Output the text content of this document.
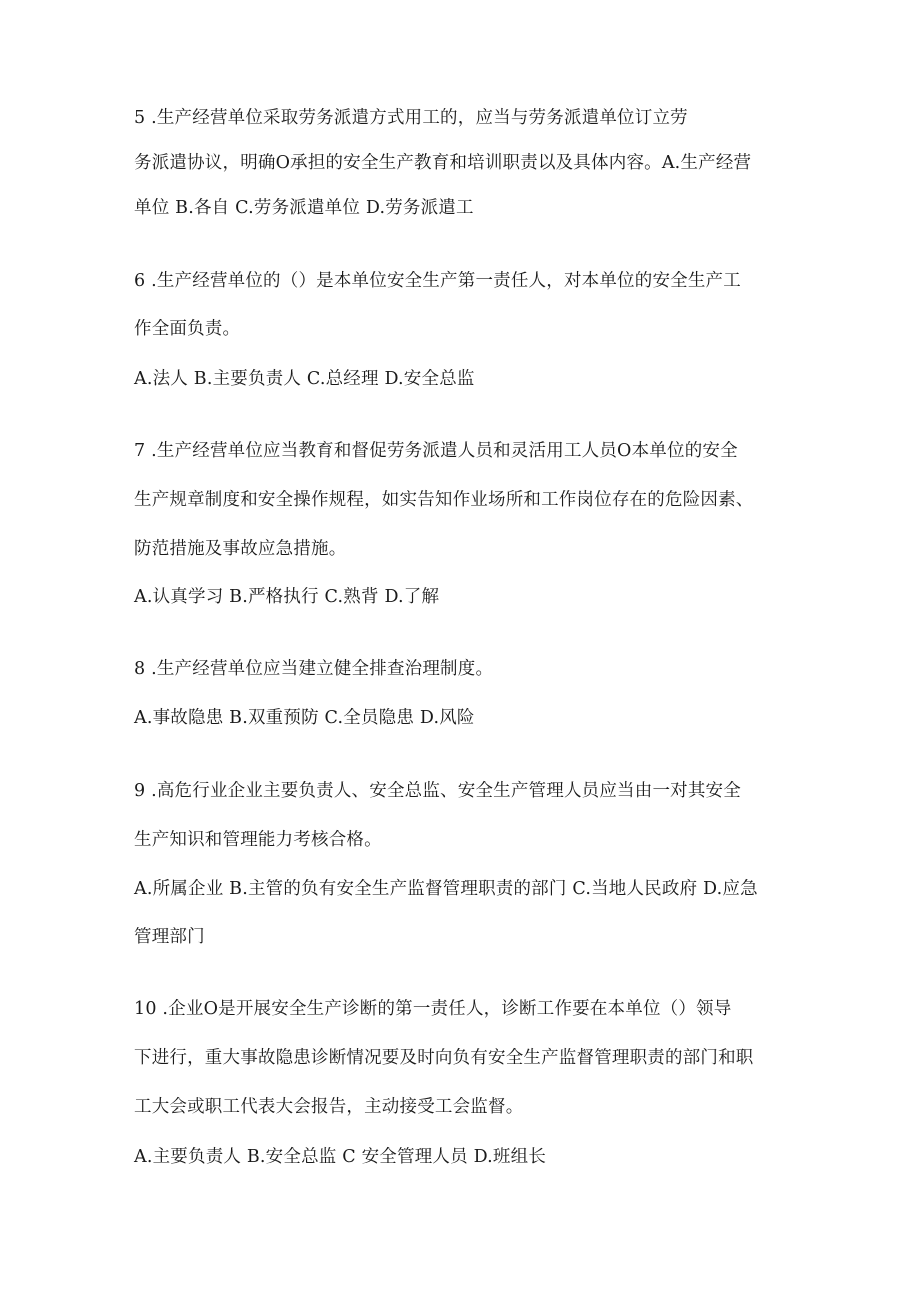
5 .生产经营单位采取劳务派遣方式用工的，应当与劳务派遣单位订立劳
务派遣协议，明确O承担的安全生产教育和培训职责以及具体内容。A.生产经营
单位 B.各自 C.劳务派遣单位 D.劳务派遣工
6 .生产经营单位的（）是本单位安全生产第一责任人，对本单位的安全生产工
作全面负责。
A.法人 B.主要负责人 C.总经理 D.安全总监
7 .生产经营单位应当教育和督促劳务派遣人员和灵活用工人员O本单位的安全
生产规章制度和安全操作规程，如实告知作业场所和工作岗位存在的危险因素、
防范措施及事故应急措施。
A.认真学习 B.严格执行 C.熟背 D.了解
8 .生产经营单位应当建立健全排查治理制度。
A.事故隐患 B.双重预防 C.全员隐患 D.风险
9 .高危行业企业主要负责人、安全总监、安全生产管理人员应当由一对其安全
生产知识和管理能力考核合格。
A.所属企业 B.主管的负有安全生产监督管理职责的部门 C.当地人民政府 D.应急
管理部门
10 .企业O是开展安全生产诊断的第一责任人，诊断工作要在本单位（）领导
下进行，重大事故隐患诊断情况要及时向负有安全生产监督管理职责的部门和职
工大会或职工代表大会报告，主动接受工会监督。
A.主要负责人 B.安全总监 C 安全管理人员 D.班组长
